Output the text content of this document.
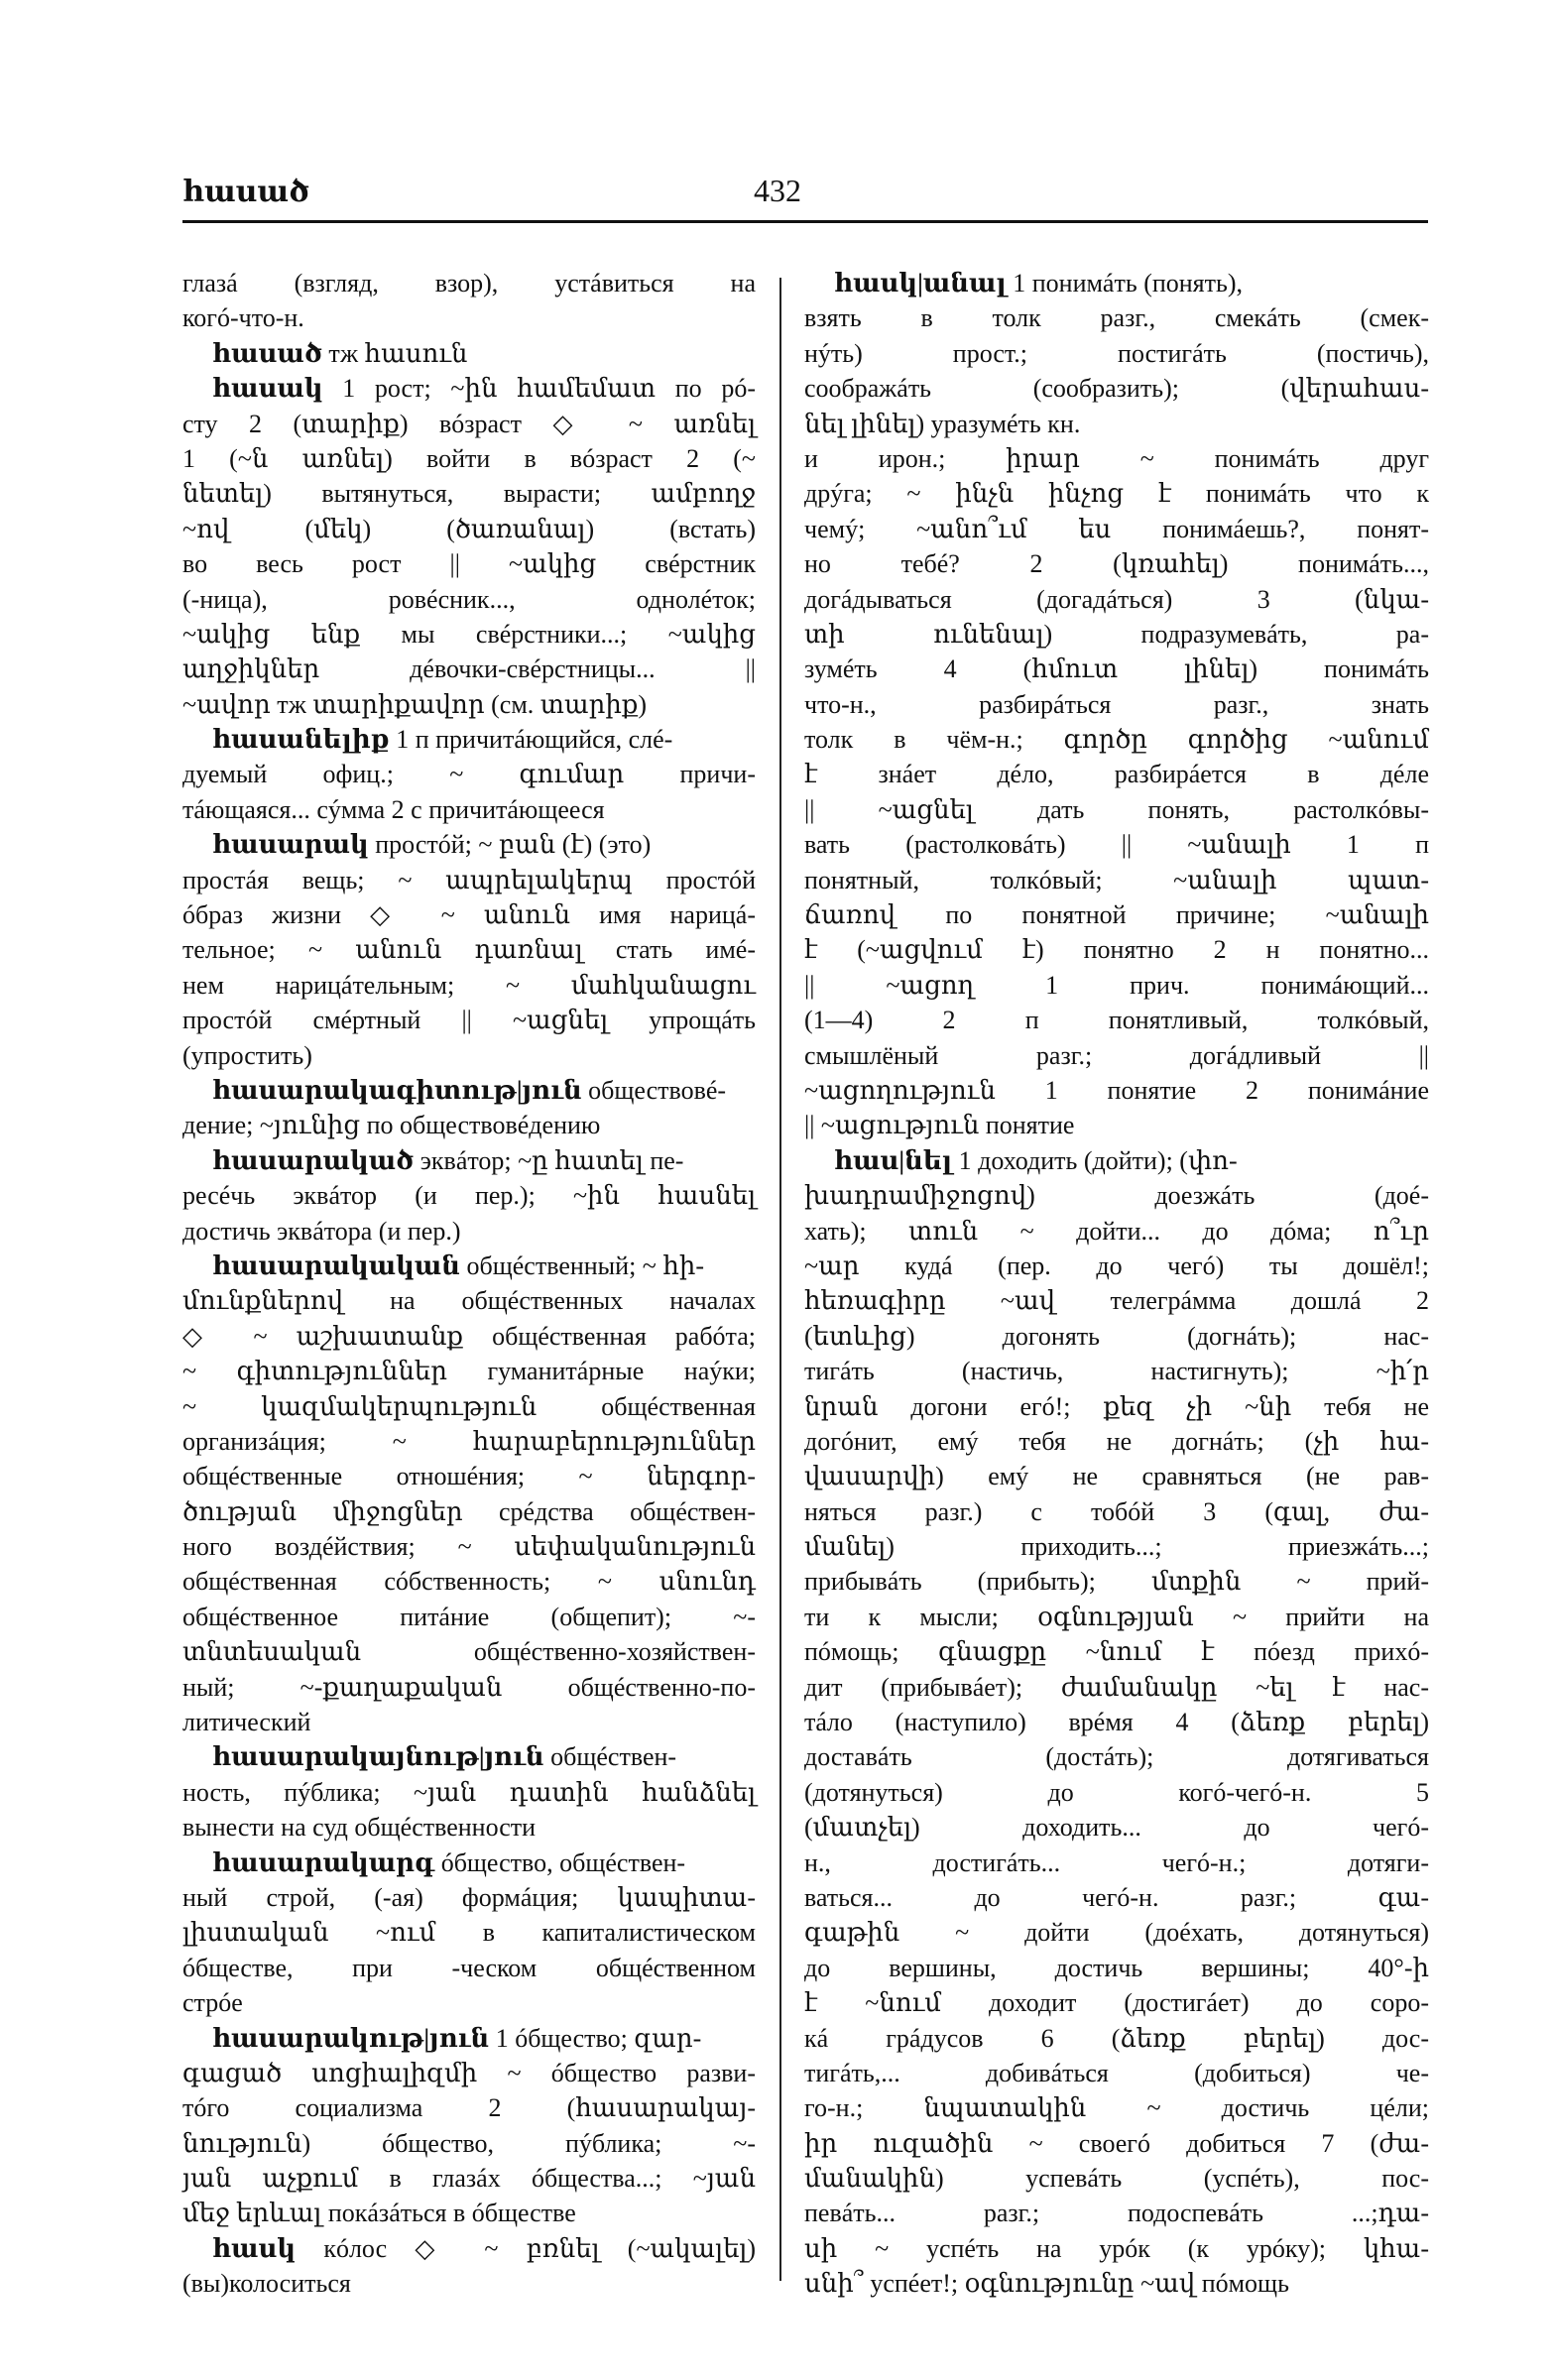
հասած	432
глазá (взгляд, взор), устáвиться на
когó-что-н.
հասած тж հասուն
հասակ 1 рост; ~ին համեմատ по рó-
сту 2 (տարիք) вóзраст ◇ ~ առնել
1 (~ն առնել) войти в вóзраст 2 (~
նետել) вытянуться, вырасти; ամբողջ
~ով (մեկ) (ծառանալ) (встать)
во весь рост || ~ակից свéрстник
(-ница), ровéсник..., однолéток;
~ակից ենք мы свéрстники...; ~ակից
աղջիկներ дéвочки-свéрстницы... ||
~ավոր тж տարիքավոր (см. տարիք)
հասանելիք 1 п причитáющийся, слé-
дуемый офиц.; ~ գումար причи-
тáющаяся... сýмма 2 с причитáющееся
հասարակ простóй; ~ բան (է) (это)
простáя вещь; ~ ապրելակերպ простóй
óбраз жизни ◇ ~ անուն имя нарицá-
тельное; ~ անուն դառնալ стать имé-
нем нарицáтельным; ~ մահկանացու
простóй смéртный || ~ացնել упрощáть
(упростить)
հասարակագիտութ|յուն обществовé-
дение; ~յունից по обществовéдению
հասարակած эквáтор; ~ը հատել пе-
ресéчь эквáтор (и пер.); ~ին հասնել
достичь эквáтора (и пер.)
հասարակական общéственный; ~ հի-
մունքներով на общéственных началах
◇ ~ աշխատանք общéственная рабóта;
~ գիտություններ гуманитáрные наýки;
~ կազմակերպություն общéственная
организáция; ~ հարաբերություններ
общéственные отношéния; ~ ներգոր-
ծության միջոցներ срéдства общéствен-
ного воздéйствия; ~ սեփականություն
общéственная сóбственность; ~ սնունդ
общéственное питáние (общепит); ~-
տնտեսական общéственно-хозяйствен-
ный; ~-քաղաքական общéственно-по-
литический
հասարակայնութ|յուն общéствен-
ность, пýблика; ~յան դատին հանձնել
вынести на суд общéственности
հասարակարգ óбщество, общéствен-
ный строй, (-ая) формáция; կապիտա-
լիստական ~ում в капиталистическом
óбществе, при -ческом общéственном
стрóе
հասարակութ|յուն 1 óбщество; զար-
գացած սոցիալիզմի ~ óбщество разви-
тóго социализма 2 (հասարակայ-
նություն) óбщество, пýблика; ~-
յան աչքում в глазáх óбщества...; ~յան
մեջ երևալ покáзáться в óбществе
հասկ кóлос ◇ ~ բռնել (~ակալել)
(вы)колоситься
հասկ|անալ 1 понимáть (понять),
взять в толк разг., смекáть (смек-
нýть) прост.; постигáть (постичь),
соображáть (сообразить); (վերահաս-
նել լինել) уразумéть кн.
и ирон.; իրար ~ понимáть друг
дрýга; ~ ինչն ինչոց է понимáть что к
чемý; ~անո՞ւմ ես понимáешь?, понят-
но тебé? 2 (կռահել) понимáть...,
догáдываться (догадáться) 3 (նկա-
տի ունենալ) подразумевáть, ра-
зумéть 4 (հմուտ լինել) понимáть
что-н., разбирáться разг., знать
толк в чём-н.; գործը գործից ~անում
է знáет дéло, разбирáется в дéле
|| ~ացնել дать понять, растолкóвы-
вать (растолковáть) || ~անալի 1 п
понятный, толкóвый; ~անալի պատ-
ճառով по понятной причине; ~անալի
է (~ացվում է) понятно 2 н понятно...
|| ~ացող 1 прич. понимáющий...
(1—4) 2 п понятливый, толкóвый,
смышлёный разг.; догáдливый ||
~ացողություն 1 понятие 2 понимáние
|| ~ացություն понятие
հաս|նել 1 доходить (дойти); (փո-
խադրամիջոցով) доезжáть (доé-
хать); տուն ~ дойти... до дóма; ո՞ւր
~ար кудá (пер. до чегó) ты дошёл!;
հեռագիրը ~ավ телегрáмма дошлá 2
(ետևից) догонять (догнáть); нас-
тигáть (настичь, настигнуть); ~ի՛ր
նրան догони егó!; քեզ չի ~նի тебя не
догóнит, емý тебя не догнáть; (չի հա-
վասարվի) емý не сравняться (не рав-
няться разг.) с тобóй 3 (գալ, ժա-
մանել) приходить...; приезжáть...;
прибывáть (прибыть); մտքին ~ прий-
ти к мысли; օգնությյան ~ прийти на
пóмощь; գնացքը ~նում է пóезд прихó-
дит (прибывáет); ժամանակը ~ել է нас-
тáло (наступило) врéмя 4 (ձեռք բերել)
доставáть (достáть); дотягиваться
(дотянуться) до когó-чегó-н. 5
(մատչել) доходить... до чегó-
н., достигáть... чегó-н.; дотяги-
ваться... до чегó-н. разг.; գա-
գաթին ~ дойти (доéхать, дотянуться)
до вершины, достичь вершины; 40°-ի
է ~նում доходит (достигáет) до соро-
кá грáдусов 6 (ձեռք բերել) дос-
тигáть,... добивáться (добиться) че-
го-н.; նպատակին ~ достичь цéли;
իր ուզածին ~ своегó добиться 7 (ժա-
մանակին) успевáть (успéть), пос-
певáть... разг.; подоспевáть ...;դա-
սի ~ успéть на урóк (к урóку); կհա-
սնի՞ успéет!; օգնությունը ~ավ пóмощь
